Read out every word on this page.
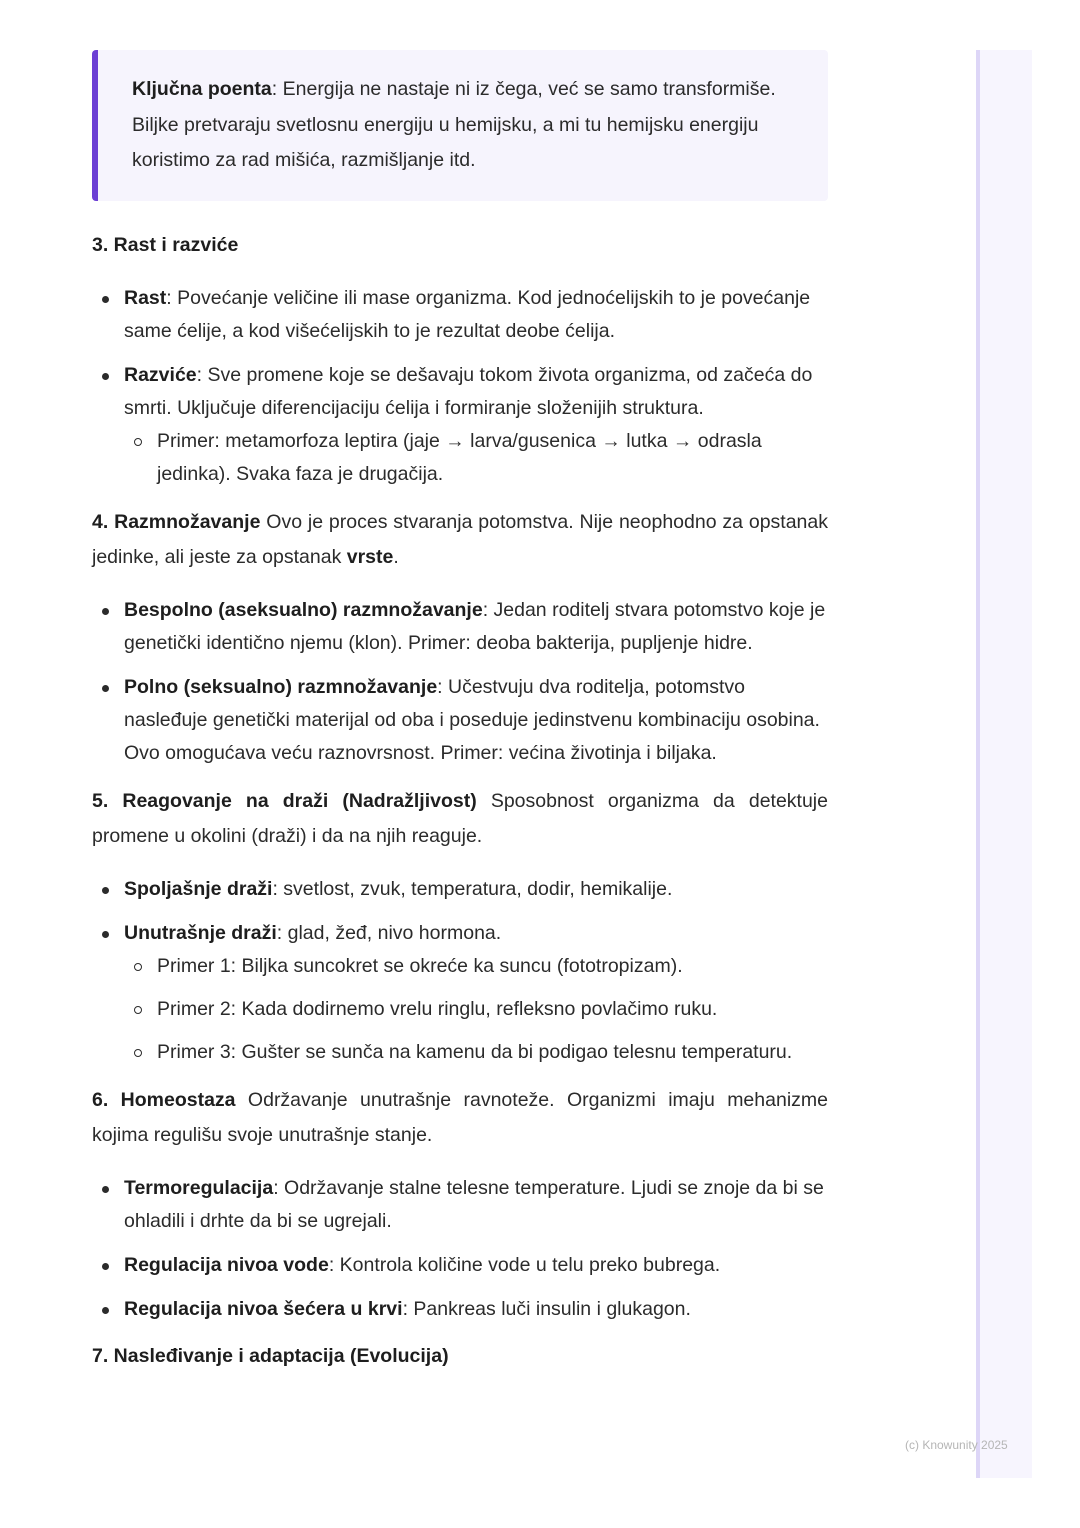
Ključna poenta: Energija ne nastaje ni iz čega, već se samo transformiše. Biljke pretvaraju svetlosnu energiju u hemijsku, a mi tu hemijsku energiju koristimo za rad mišića, razmišljanje itd.
3. Rast i razviće
Rast: Povećanje veličine ili mase organizma. Kod jednoćelijskih to je povećanje same ćelije, a kod višećelijskih to je rezultat deobe ćelija.
Razviće: Sve promene koje se dešavaju tokom života organizma, od začeća do smrti. Uključuje diferencijaciju ćelija i formiranje složenijih struktura.
Primer: metamorfoza leptira (jaje → larva/gusenica → lutka → odrasla jedinka). Svaka faza je drugačija.
4. Razmnožavanje Ovo je proces stvaranja potomstva. Nije neophodno za opstanak jedinke, ali jeste za opstanak vrste.
Bespolno (aseksualno) razmnožavanje: Jedan roditelj stvara potomstvo koje je genetički identično njemu (klon). Primer: deoba bakterija, pupljenje hidre.
Polno (seksualno) razmnožavanje: Učestvuju dva roditelja, potomstvo nasleđuje genetički materijal od oba i poseduje jedinstvenu kombinaciju osobina. Ovo omogućava veću raznovrsnost. Primer: većina životinja i biljaka.
5. Reagovanje na draži (Nadražljivost) Sposobnost organizma da detektuje promene u okolini (draži) i da na njih reaguje.
Spoljašnje draži: svetlost, zvuk, temperatura, dodir, hemikalije.
Unutrašnje draži: glad, žeđ, nivo hormona.
Primer 1: Biljka suncokret se okreće ka suncu (fototropizam).
Primer 2: Kada dodirnemo vrelu ringlu, refleksno povlačimo ruku.
Primer 3: Gušter se sunča na kamenu da bi podigao telesnu temperaturu.
6. Homeostaza Održavanje unutrašnje ravnoteže. Organizmi imaju mehanizme kojima regulišu svoje unutrašnje stanje.
Termoregulacija: Održavanje stalne telesne temperature. Ljudi se znoje da bi se ohladili i drhte da bi se ugrejali.
Regulacija nivoa vode: Kontrola količine vode u telu preko bubrega.
Regulacija nivoa šećera u krvi: Pankreas luči insulin i glukagon.
7. Nasleđivanje i adaptacija (Evolucija)
(c) Knowunity 2025
